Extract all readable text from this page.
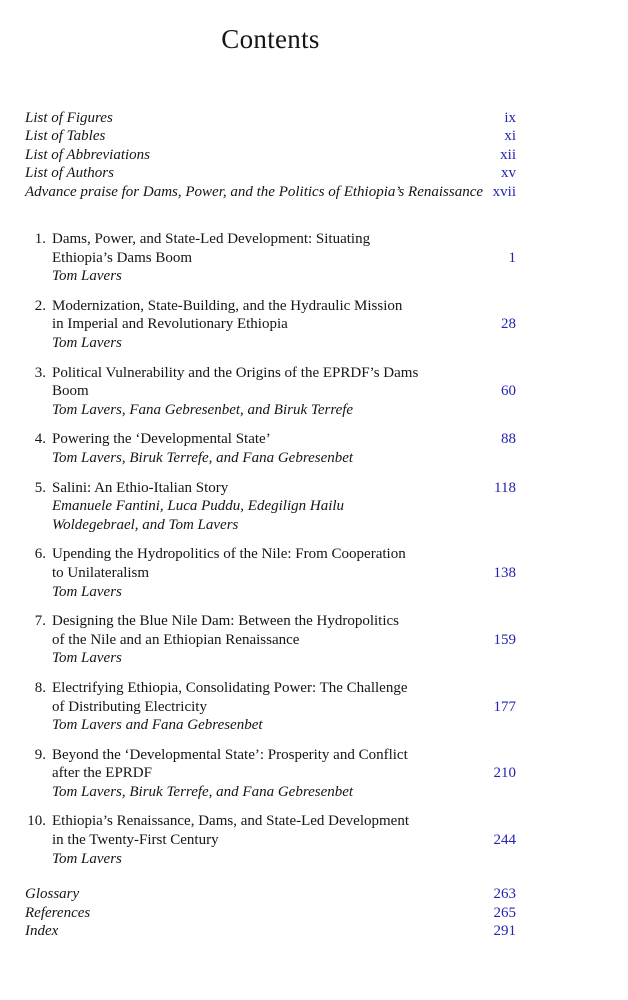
Contents
List of Figures	ix
List of Tables	xi
List of Abbreviations	xii
List of Authors	xv
Advance praise for Dams, Power, and the Politics of Ethiopia’s Renaissance xvii
1. Dams, Power, and State-Led Development: Situating
Ethiopia’s Dams Boom	1
Tom Lavers
2. Modernization, State-Building, and the Hydraulic Mission
in Imperial and Revolutionary Ethiopia	28
Tom Lavers
3. Political Vulnerability and the Origins of the EPRDF’s Dams
Boom	60
Tom Lavers, Fana Gebresenbet, and Biruk Terrefe
4. Powering the ‘Developmental State’	88
Tom Lavers, Biruk Terrefe, and Fana Gebresenbet
5. Salini: An Ethio-Italian Story	118
Emanuele Fantini, Luca Puddu, Edegilign Hailu
Woldegebrael, and Tom Lavers
6. Upending the Hydropolitics of the Nile: From Cooperation
to Unilateralism	138
Tom Lavers
7. Designing the Blue Nile Dam: Between the Hydropolitics
of the Nile and an Ethiopian Renaissance	159
Tom Lavers
8. Electrifying Ethiopia, Consolidating Power: The Challenge
of Distributing Electricity	177
Tom Lavers and Fana Gebresenbet
9. Beyond the ‘Developmental State’: Prosperity and Conflict
after the EPRDF	210
Tom Lavers, Biruk Terrefe, and Fana Gebresenbet
10. Ethiopia’s Renaissance, Dams, and State-Led Development
in the Twenty-First Century	244
Tom Lavers
Glossary	263
References	265
Index	291
